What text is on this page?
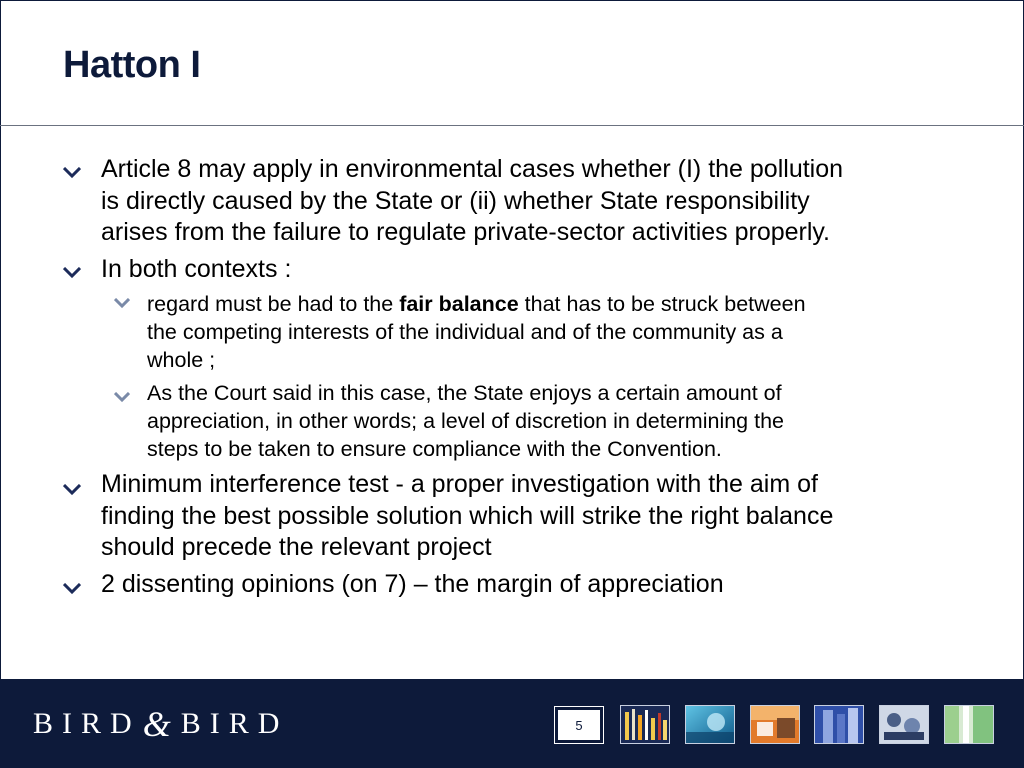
Hatton I
Article 8 may apply in environmental cases whether (I) the pollution
is directly caused by the State or (ii) whether State responsibility
arises from the failure to regulate private-sector activities properly.
In both contexts :
regard must be had to the fair balance that has to be struck between
the competing interests of the individual and of the community as a
whole ;
As the Court said in this case, the State enjoys a certain amount of
appreciation, in other words; a level of discretion in determining the
steps to be taken to ensure compliance with the Convention.
Minimum interference test - a proper investigation with the aim of
finding the best possible solution which will strike the right balance
should precede the relevant project
2 dissenting opinions (on 7) – the margin of appreciation
BIRD & BIRD	5
